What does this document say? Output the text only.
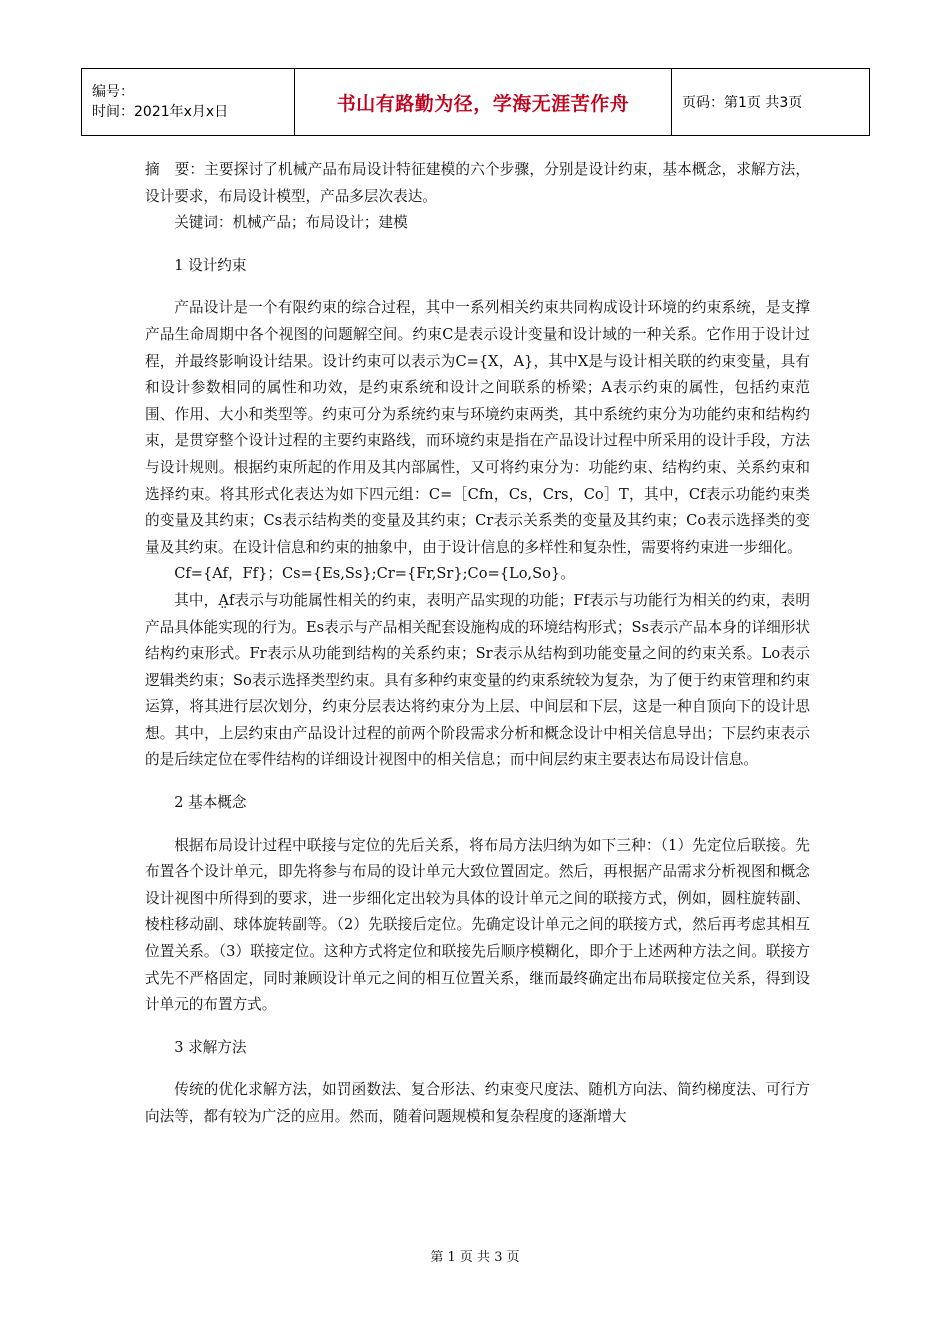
编号：
时间：2021年x月x日	书山有路勤为径，学海无涯苦作舟	页码：第1页 共3页

摘　要：主要探讨了机械产品布局设计特征建模的六个步骤，分别是设计约束，基本概念，求解方法，设计要求，布局设计模型，产品多层次表达。

关键词：机械产品；布局设计；建模

1 设计约束

产品设计是一个有限约束的综合过程，其中一系列相关约束共同构成设计环境的约束系统，是支撑产品生命周期中各个视图的问题解空间。约束C是表示设计变量和设计域的一种关系。它作用于设计过程，并最终影响设计结果。设计约束可以表示为C={X，A}，其中X是与设计相关联的约束变量，具有和设计参数相同的属性和功效，是约束系统和设计之间联系的桥梁；A表示约束的属性，包括约束范围、作用、大小和类型等。约束可分为系统约束与环境约束两类，其中系统约束分为功能约束和结构约束，是贯穿整个设计过程的主要约束路线，而环境约束是指在产品设计过程中所采用的设计手段，方法与设计规则。根据约束所起的作用及其内部属性，又可将约束分为：功能约束、结构约束、关系约束和选择约束。将其形式化表达为如下四元组：C=［Cfn，Cs，Crs，Co］T，其中，Cf表示功能约束类的变量及其约束；Cs表示结构类的变量及其约束；Cr表示关系类的变量及其约束；Co表示选择类的变量及其约束。在设计信息和约束的抽象中，由于设计信息的多样性和复杂性，需要将约束进一步细化。

Cf={Af，Ff}；Cs={Es,Ss};Cr={Fr,Sr};Co={Lo,So}。

其中，A̤f表示与功能属性相关的约束，表明产品实现的功能；Ff表示与功能行为相关的约束，表明产品具体能实现的行为。Es表示与产品相关配套设施构成的环境结构形式；Ss表示产品本身的详细形状结构约束形式。Fr表示从功能到结构的关系约束；Sr表示从结构到功能变量之间的约束关系。Lo表示逻辑类约束；So表示选择类型约束。具有多种约束变量的约束系统较为复杂，为了便于约束管理和约束运算，将其进行层次划分，约束分层表达将约束分为上层、中间层和下层，这是一种自顶向下的设计思想。其中，上层约束由产品设计过程的前两个阶段需求分析和概念设计中相关信息导出；下层约束表示的是后续定位在零件结构的详细设计视图中的相关信息；而中间层约束主要表达布局设计信息。

2 基本概念

根据布局设计过程中联接与定位的先后关系，将布局方法归纳为如下三种：（1）先定位后联接。先布置各个设计单元，即先将参与布局的设计单元大致位置固定。然后，再根据产品需求分析视图和概念设计视图中所得到的要求，进一步细化定出较为具体的设计单元之间的联接方式，例如，圆柱旋转副、棱柱移动副、球体旋转副等。（2）先联接后定位。先确定设计单元之间的联接方式，然后再考虑其相互位置关系。（3）联接定位。这种方式将定位和联接先后顺序模糊化，即介于上述两种方法之间。联接方式先不严格固定，同时兼顾设计单元之间的相互位置关系，继而最终确定出布局联接定位关系，得到设计单元的布置方式。

3 求解方法

传统的优化求解方法，如罚函数法、复合形法、约束变尺度法、随机方向法、简约梯度法、可行方向法等，都有较为广泛的应用。然而，随着问题规模和复杂程度的逐渐增大

第 1 页 共 3 页
